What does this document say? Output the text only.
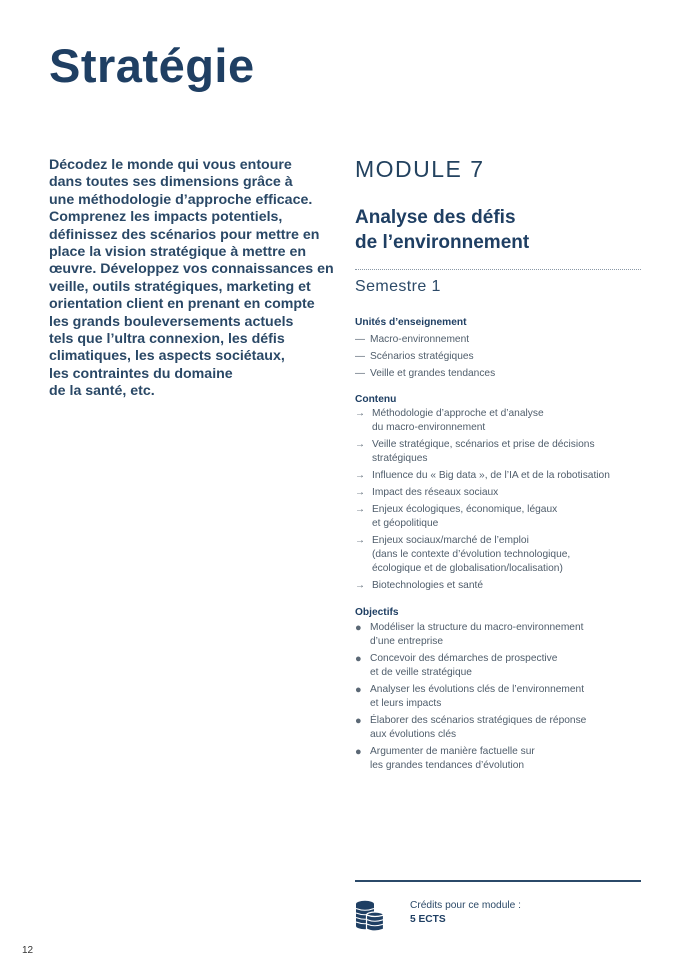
Stratégie
Décodez le monde qui vous entoure
dans toutes ses dimensions grâce à
une méthodologie d’approche efficace.
Comprenez les impacts potentiels,
définissez des scénarios pour mettre en
place la vision stratégique à mettre en
œuvre. Développez vos connaissances en
veille, outils stratégiques, marketing et
orientation client en prenant en compte
les grands bouleversements actuels
tels que l’ultra connexion, les défis
climatiques, les aspects sociétaux,
les contraintes du domaine
de la santé, etc.
MODULE 7
Analyse des défis
de l’environnement
Semestre 1
Unités d’enseignement
— Macro-environnement
— Scénarios stratégiques
— Veille et grandes tendances
Contenu
→ Méthodologie d’approche et d’analyse
du macro-environnement
→ Veille stratégique, scénarios et prise de décisions
stratégiques
→ Influence du « Big data », de l’IA et de la robotisation
→ Impact des réseaux sociaux
→ Enjeux écologiques, économique, légaux
et géopolitique
→ Enjeux sociaux/marché de l’emploi
(dans le contexte d’évolution technologique,
écologique et de globalisation/localisation)
→ Biotechnologies et santé
Objectifs
● Modéliser la structure du macro-environnement
d’une entreprise
● Concevoir des démarches de prospective
et de veille stratégique
● Analyser les évolutions clés de l’environnement
et leurs impacts
● Élaborer des scénarios stratégiques de réponse
aux évolutions clés
● Argumenter de manière factuelle sur
les grandes tendances d’évolution
Crédits pour ce module :
5 ECTS
12
